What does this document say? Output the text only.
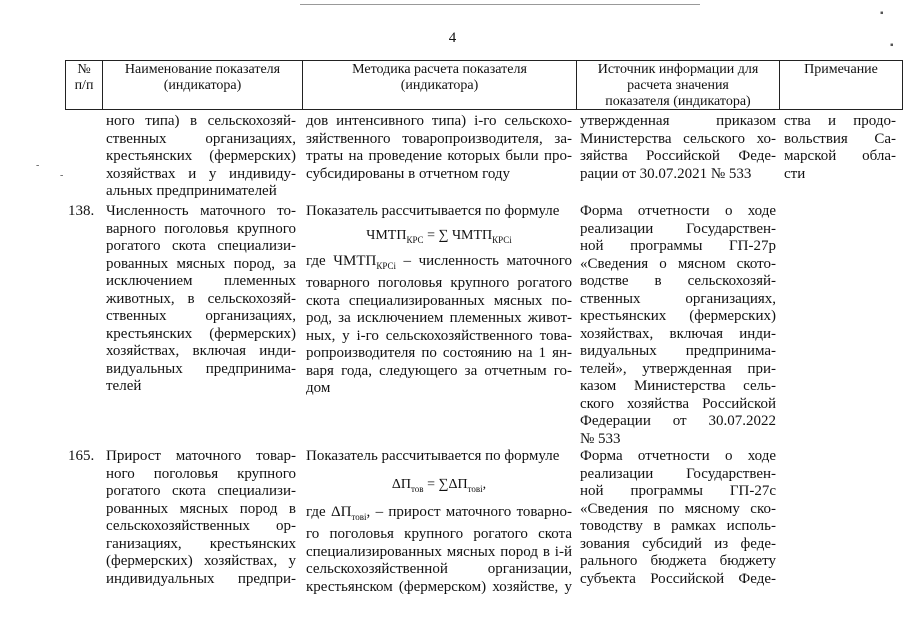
4
▪
▪
-
-
№
п/п
Наименование показателя
(индикатора)
Методика расчета показателя
(индикатора)
Источник информации для
расчета значения
показателя (индикатора)
Примечание
ного типа) в сельскохозяй-
ственных организациях,
крестьянских (фермерских)
хозяйствах и у индивиду-
альных предпринимателей
дов интенсивного типа) i-го сельскохо-
зяйственного товаропроизводителя, за-
траты на проведение которых были про-
субсидированы в отчетном году
утвержденная приказом
Министерства сельского хо-
зяйства Российской Феде-
рации от 30.07.2021 № 533
ства и продо-
вольствия Са-
марской обла-
сти
138. Численность маточного то-
варного поголовья крупного
рогатого скота специализи-
рованных мясных пород, за
исключением племенных
животных, в сельскохозяй-
ственных организациях,
крестьянских (фермерских)
хозяйствах, включая инди-
видуальных предпринима-
телей
Показатель рассчитывается по формуле
$ЧМТП_{КРС}$ = ∑ $ЧМТП_{КРСi}$
где $ЧМТП_{КРСi}$ – численность маточного
товарного поголовья крупного рогатого
скота специализированных мясных по-
род, за исключением племенных живот-
ных, у i-го сельскохозяйственного това-
ропроизводителя по состоянию на 1 ян-
варя года, следующего за отчетным го-
дом
Форма отчетности о ходе
реализации Государствен-
ной программы ГП-27р
«Сведения о мясном ското-
водстве в сельскохозяй-
ственных организациях,
крестьянских (фермерских)
хозяйствах, включая инди-
видуальных предпринима-
телей», утвержденная при-
казом Министерства сель-
ского хозяйства Российской
Федерации от 30.07.2022
№ 533
165. Прирост маточного товар-
ного поголовья крупного
рогатого скота специализи-
рованных мясных пород в
сельскохозяйственных ор-
ганизациях, крестьянских
(фермерских) хозяйствах, у
индивидуальных предпри-
Показатель рассчитывается по формуле
$\Delta П_{тов} = \sum\Delta П_{товi}$,
где $\Delta П_{товi}$, – прирост маточного товарно-
го поголовья крупного рогатого скота
специализированных мясных пород в i-й
сельскохозяйственной организации,
крестьянском (фермерском) хозяйстве, у
Форма отчетности о ходе
реализации Государствен-
ной программы ГП-27с
«Сведения по мясному ско-
товодству в рамках исполь-
зования субсидий из феде-
рального бюджета бюджету
субъекта Российской Феде-
